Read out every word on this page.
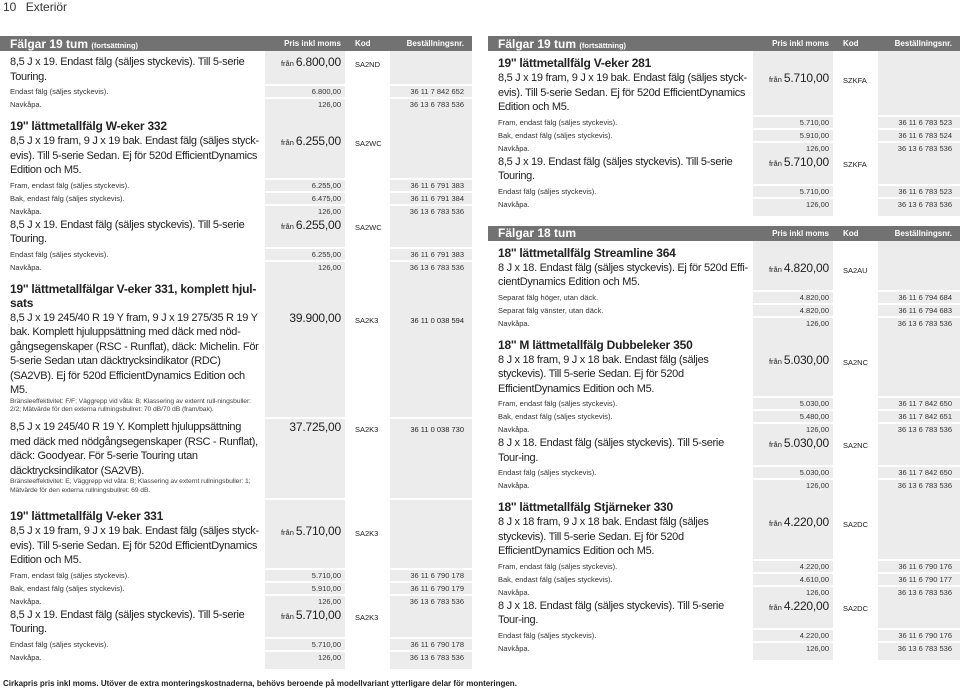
10 Exteriör
Fälgar 19 tum (fortsättning)	Pris inkl moms	Kod	Beställningsnr.
8,5 J x 19. Endast fälg (säljes styckevis). Till 5-serie Touring.
från 6.800,00	SA2ND
Endast fälg (säljes styckevis).	6.800,00	36 11 7 842 652
Navkåpa.	126,00	36 13 6 783 536
19'' lättmetallfälg W-eker 332
8,5 J x 19 fram, 9 J x 19 bak. Endast fälg (säljes styck-evis). Till 5-serie Sedan. Ej för 520d EfficientDynamics Edition och M5.
från 6.255,00	SA2WC
Fram, endast fälg (säljes styckevis).	6.255,00	36 11 6 791 383
Bak, endast fälg (säljes styckevis).	6.475,00	36 11 6 791 384
Navkåpa.	126,00	36 13 6 783 536
8,5 J x 19. Endast fälg (säljes styckevis). Till 5-serie Touring.
från 6.255,00	SA2WC
Endast fälg (säljes styckevis).	6.255,00	36 11 6 791 383
Navkåpa.	126,00	36 13 6 783 536
19'' lättmetallfälgar V-eker 331, komplett hjul-sats
8,5 J x 19 245/40 R 19 Y fram, 9 J x 19 275/35 R 19 Y bak. Komplett hjuluppsättning med däck med nöd-gångsegenskaper (RSC - Runflat), däck: Michelin. För 5-serie Sedan utan däcktrycksindikator (RDC) (SA2VB). Ej för 520d EfficientDynamics Edition och M5.
39.900,00	SA2K3	36 11 0 038 594
Bränsleeffektivitet: F/F; Väggrepp vid våta: B; Klassering av externt rull-ningsbuller: 2/2; Mätvärde för den externa rullningsbullret: 70 dB/70 dB (fram/bak).
8,5 J x 19 245/40 R 19 Y. Komplett hjuluppsättning med däck med nödgångsegenskaper (RSC - Runflat), däck: Goodyear. För 5-serie Touring utan däcktrycksindikator (SA2VB).
37.725,00	SA2K3	36 11 0 038 730
Bränsleeffektivitet: E; Väggrepp vid våta: B; Klassering av externt rullningsbuller: 1; Mätvärde för den externa rullningsbullret: 69 dB.
19'' lättmetallfälg V-eker 331
8,5 J x 19 fram, 9 J x 19 bak. Endast fälg (säljes styck-evis). Till 5-serie Sedan. Ej för 520d EfficientDynamics Edition och M5.
från 5.710,00	SA2K3
Fram, endast fälg (säljes styckevis).	5.710,00	36 11 6 790 178
Bak, endast fälg (säljes styckevis).	5.910,00	36 11 6 790 179
Navkåpa.	126,00	36 13 6 783 536
8,5 J x 19. Endast fälg (säljes styckevis). Till 5-serie Touring.
från 5.710,00	SA2K3
Endast fälg (säljes styckevis).	5.710,00	36 11 6 790 178
Navkåpa.	126,00	36 13 6 783 536
Fälgar 19 tum (fortsättning)	Pris inkl moms	Kod	Beställningsnr.
19'' lättmetallfälg V-eker 281
8,5 J x 19 fram, 9 J x 19 bak. Endast fälg (säljes styck-evis). Till 5-serie Sedan. Ej för 520d EfficientDynamics Edition och M5.
från 5.710,00	SZKFA
Fram, endast fälg (säljes styckevis).	5.710,00	36 11 6 783 523
Bak, endast fälg (säljes styckevis).	5.910,00	36 11 6 783 524
Navkåpa.	126,00	36 13 6 783 536
8,5 J x 19. Endast fälg (säljes styckevis). Till 5-serie Touring.
från 5.710,00	SZKFA
Endast fälg (säljes styckevis).	5.710,00	36 11 6 783 523
Navkåpa.	126,00	36 13 6 783 536
Fälgar 18 tum	Pris inkl moms	Kod	Beställningsnr.
18'' lättmetallfälg Streamline 364
8 J x 18. Endast fälg (säljes styckevis). Ej för 520d Effi-cientDynamics Edition och M5.
från 4.820,00	SA2AU
Separat fälg höger, utan däck.	4.820,00	36 11 6 794 684
Separat fälg vänster, utan däck.	4.820,00	36 11 6 794 683
Navkåpa.	126,00	36 13 6 783 536
18'' M lättmetallfälg Dubbeleker 350
8 J x 18 fram, 9 J x 18 bak. Endast fälg (säljes styckevis). Till 5-serie Sedan. Ej för 520d EfficientDynamics Edition och M5.
från 5.030,00	SA2NC
Fram, endast fälg (säljes styckevis).	5.030,00	36 11 7 842 650
Bak, endast fälg (säljes styckevis).	5.480,00	36 11 7 842 651
Navkåpa.	126,00	36 13 6 783 536
8 J x 18. Endast fälg (säljes styckevis). Till 5-serie Tour-ing.
från 5.030,00	SA2NC
Endast fälg (säljes styckevis).	5.030,00	36 11 7 842 650
Navkåpa.	126,00	36 13 6 783 536
18'' lättmetallfälg Stjärneker 330
8 J x 18 fram, 9 J x 18 bak. Endast fälg (säljes styckevis). Till 5-serie Sedan. Ej för 520d EfficientDynamics Edition och M5.
från 4.220,00	SA2DC
Fram, endast fälg (säljes styckevis).	4.220,00	36 11 6 790 176
Bak, endast fälg (säljes styckevis).	4.610,00	36 11 6 790 177
Navkåpa.	126,00	36 13 6 783 536
8 J x 18. Endast fälg (säljes styckevis). Till 5-serie Tour-ing.
från 4.220,00	SA2DC
Endast fälg (säljes styckevis).	4.220,00	36 11 6 790 176
Navkåpa.	126,00	36 13 6 783 536
Cirkapris pris inkl moms. Utöver de extra monteringskostnaderna, behövs beroende på modellvariant ytterligare delar för monteringen.
